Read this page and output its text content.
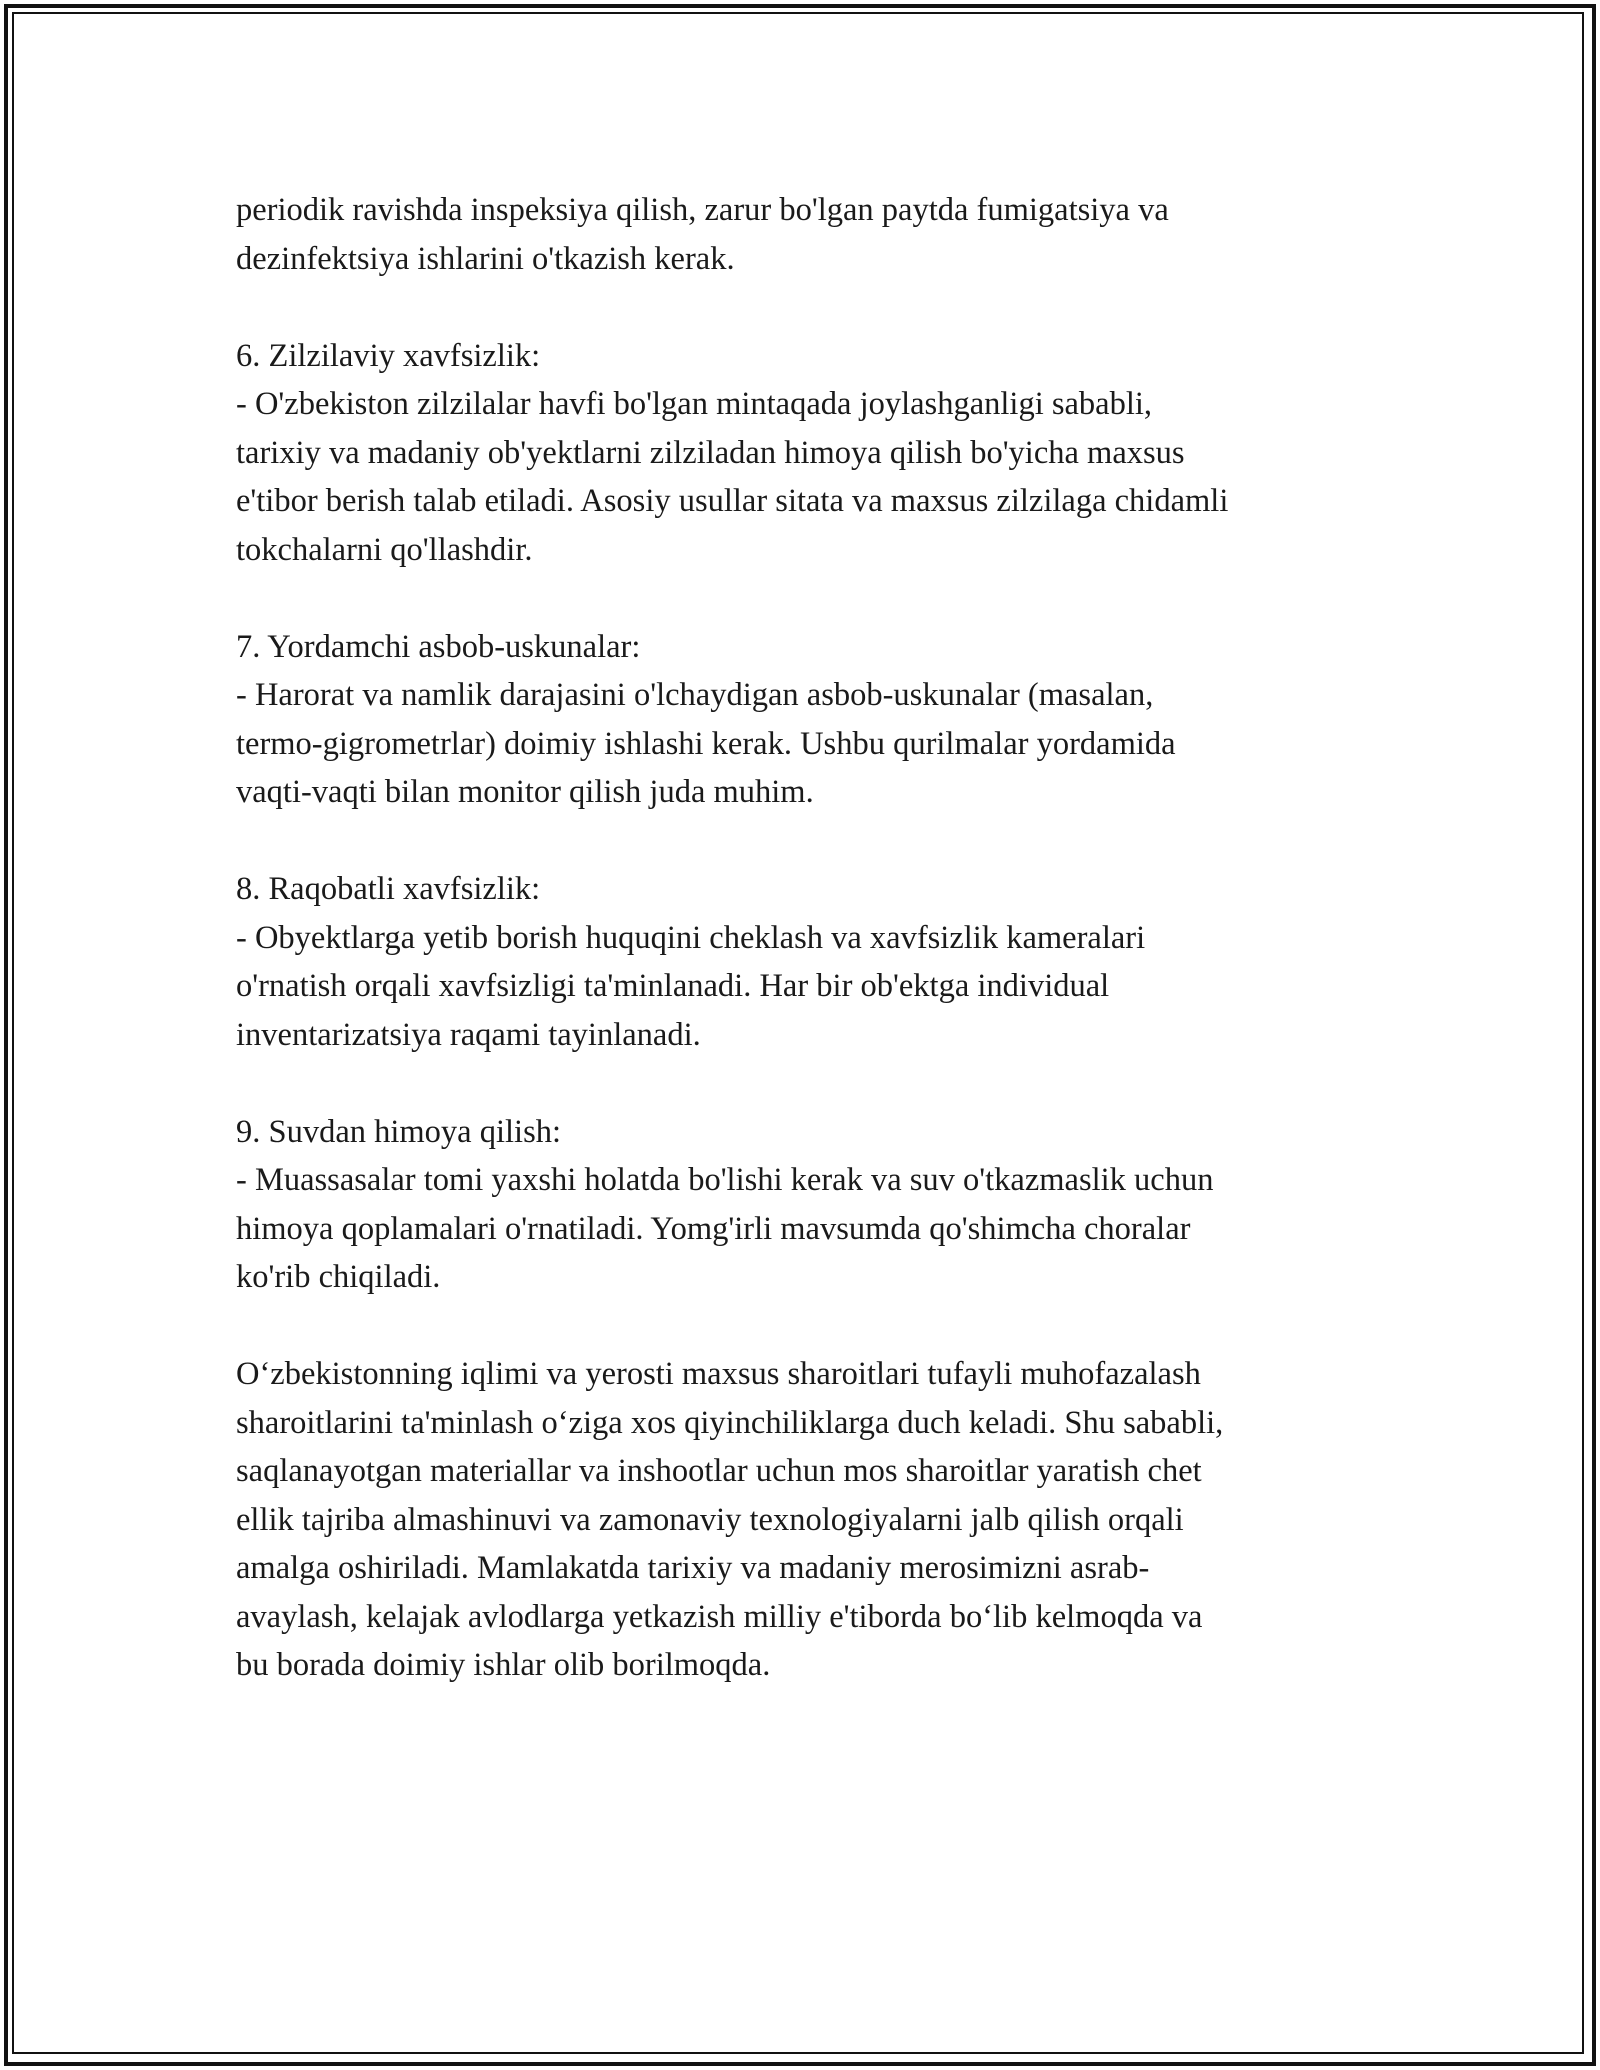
periodik ravishda inspeksiya qilish, zarur bo'lgan paytda fumigatsiya va
dezinfektsiya ishlarini o'tkazish kerak.
6. Zilzilaviy xavfsizlik:
- O'zbekiston zilzilalar havfi bo'lgan mintaqada joylashganligi sababli,
tarixiy va madaniy ob'yektlarni zilziladan himoya qilish bo'yicha maxsus
e'tibor berish talab etiladi. Asosiy usullar sitata va maxsus zilzilaga chidamli
tokchalarni qo'llashdir.
7. Yordamchi asbob-uskunalar:
- Harorat va namlik darajasini o'lchaydigan asbob-uskunalar (masalan,
termo-gigrometrlar) doimiy ishlashi kerak. Ushbu qurilmalar yordamida
vaqti-vaqti bilan monitor qilish juda muhim.
8. Raqobatli xavfsizlik:
- Obyektlarga yetib borish huquqini cheklash va xavfsizlik kameralari
o'rnatish orqali xavfsizligi ta'minlanadi. Har bir ob'ektga individual
inventarizatsiya raqami tayinlanadi.
9. Suvdan himoya qilish:
- Muassasalar tomi yaxshi holatda bo'lishi kerak va suv o'tkazmaslik uchun
himoya qoplamalari o'rnatiladi. Yomg'irli mavsumda qo'shimcha choralar
ko'rib chiqiladi.
O‘zbekistonning iqlimi va yerosti maxsus sharoitlari tufayli muhofazalash
sharoitlarini ta'minlash o‘ziga xos qiyinchiliklarga duch keladi. Shu sababli,
saqlanayotgan materiallar va inshootlar uchun mos sharoitlar yaratish chet
ellik tajriba almashinuvi va zamonaviy texnologiyalarni jalb qilish orqali
amalga oshiriladi. Mamlakatda tarixiy va madaniy merosimizni asrab-
avaylash, kelajak avlodlarga yetkazish milliy e'tiborda bo‘lib kelmoqda va
bu borada doimiy ishlar olib borilmoqda.
